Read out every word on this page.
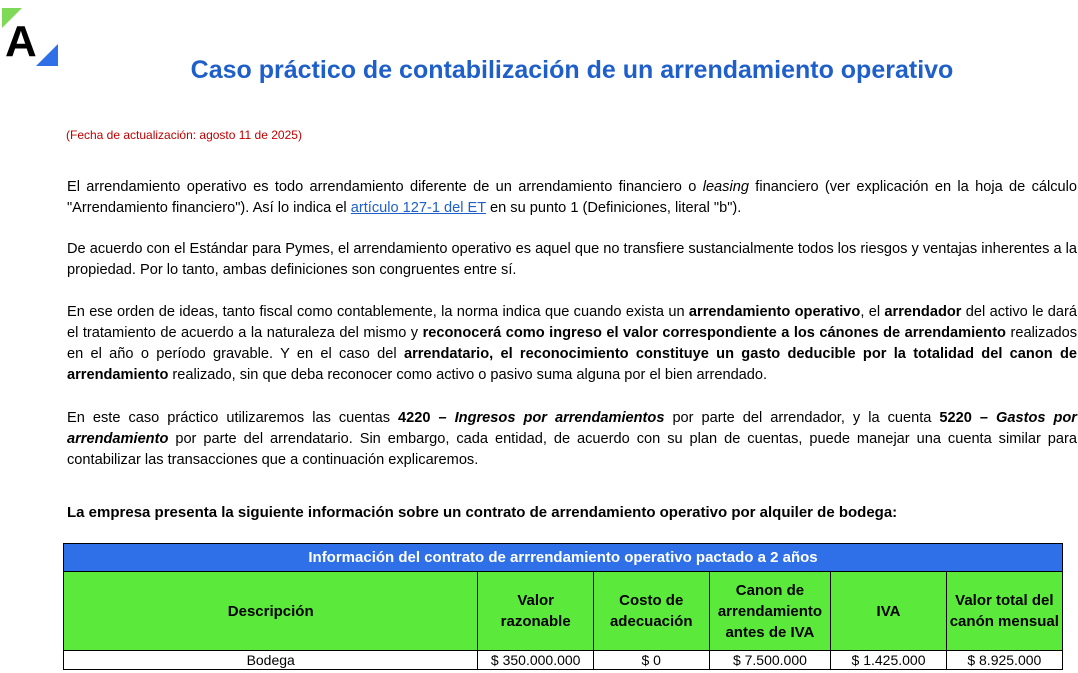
A
Caso práctico de contabilización de un arrendamiento operativo

(Fecha de actualización: agosto 11 de 2025)

El arrendamiento operativo es todo arrendamiento diferente de un arrendamiento financiero o leasing financiero (ver explicación en la hoja de cálculo "Arrendamiento financiero"). Así lo indica el artículo 127-1 del ET en su punto 1 (Definiciones, literal "b").

De acuerdo con el Estándar para Pymes, el arrendamiento operativo es aquel que no transfiere sustancialmente todos los riesgos y ventajas inherentes a la propiedad. Por lo tanto, ambas definiciones son congruentes entre sí.

En ese orden de ideas, tanto fiscal como contablemente, la norma indica que cuando exista un arrendamiento operativo, el arrendador del activo le dará el tratamiento de acuerdo a la naturaleza del mismo y reconocerá como ingreso el valor correspondiente a los cánones de arrendamiento realizados en el año o período gravable. Y en el caso del arrendatario, el reconocimiento constituye un gasto deducible por la totalidad del canon de arrendamiento realizado, sin que deba reconocer como activo o pasivo suma alguna por el bien arrendado.

En este caso práctico utilizaremos las cuentas 4220 – Ingresos por arrendamientos por parte del arrendador, y la cuenta 5220 – Gastos por arrendamiento por parte del arrendatario. Sin embargo, cada entidad, de acuerdo con su plan de cuentas, puede manejar una cuenta similar para contabilizar las transacciones que a continuación explicaremos.

La empresa presenta la siguiente información sobre un contrato de arrendamiento operativo por alquiler de bodega:

Información del contrato de arrrendamiento operativo pactado a 2 años					
Descripción	Valor razonable	Costo de adecuación	Canon de arrendamiento antes de IVA	IVA	Valor total del canón mensual
Bodega	$ 350.000.000	$ 0	$ 7.500.000	$ 1.425.000	$ 8.925.000
